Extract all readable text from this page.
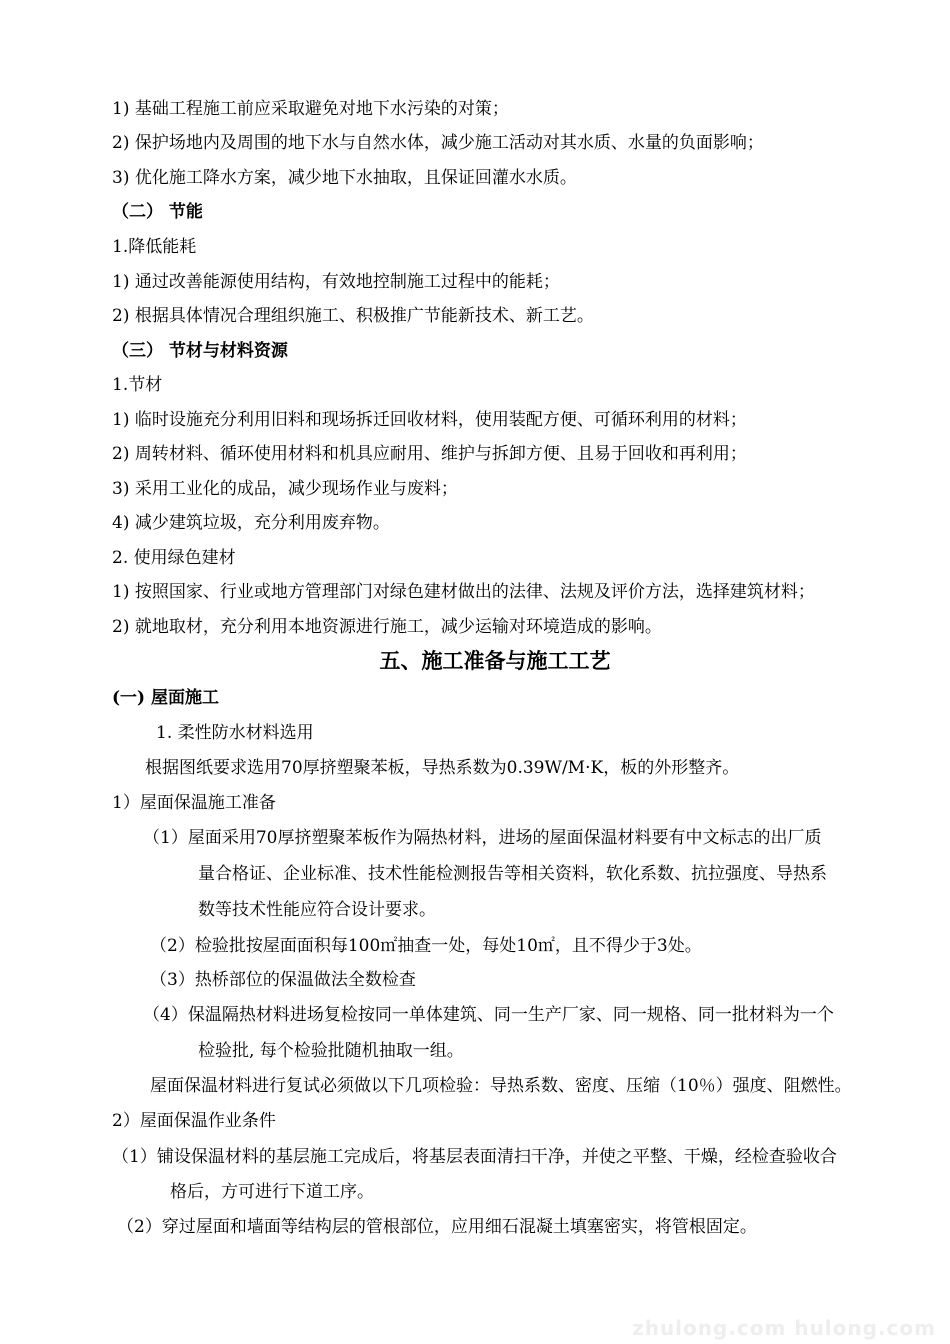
1) 基础工程施工前应采取避免对地下水污染的对策；
2) 保护场地内及周围的地下水与自然水体，减少施工活动对其水质、水量的负面影响；
3) 优化施工降水方案，减少地下水抽取，且保证回灌水水质。
（二） 节能
1.降低能耗
1) 通过改善能源使用结构，有效地控制施工过程中的能耗；
2) 根据具体情况合理组织施工、积极推广节能新技术、新工艺。
（三） 节材与材料资源
1.节材
1) 临时设施充分利用旧料和现场拆迁回收材料，使用装配方便、可循环利用的材料；
2) 周转材料、循环使用材料和机具应耐用、维护与拆卸方便、且易于回收和再利用；
3) 采用工业化的成品，减少现场作业与废料；
4) 减少建筑垃圾，充分利用废弃物。
2. 使用绿色建材
1) 按照国家、行业或地方管理部门对绿色建材做出的法律、法规及评价方法，选择建筑材料；
2) 就地取材，充分利用本地资源进行施工，减少运输对环境造成的影响。
五、施工准备与施工工艺
(一) 屋面施工
1. 柔性防水材料选用
根据图纸要求选用70厚挤塑聚苯板，导热系数为0.39W/M·K，板的外形整齐。
1）屋面保温施工准备
（1）屋面采用70厚挤塑聚苯板作为隔热材料，进场的屋面保温材料要有中文标志的出厂质
量合格证、企业标准、技术性能检测报告等相关资料，软化系数、抗拉强度、导热系
数等技术性能应符合设计要求。
（2）检验批按屋面面积每100㎡抽查一处，每处10㎡，且不得少于3处。
（3）热桥部位的保温做法全数检查
（4）保温隔热材料进场复检按同一单体建筑、同一生产厂家、同一规格、同一批材料为一个
检验批, 每个检验批随机抽取一组。
屋面保温材料进行复试必须做以下几项检验：导热系数、密度、压缩（10％）强度、阻燃性。
2）屋面保温作业条件
（1）铺设保温材料的基层施工完成后，将基层表面清扫干净，并使之平整、干燥，经检查验收合
格后，方可进行下道工序。
（2）穿过屋面和墙面等结构层的管根部位，应用细石混凝土填塞密实，将管根固定。
zhulong.com hulong.com
